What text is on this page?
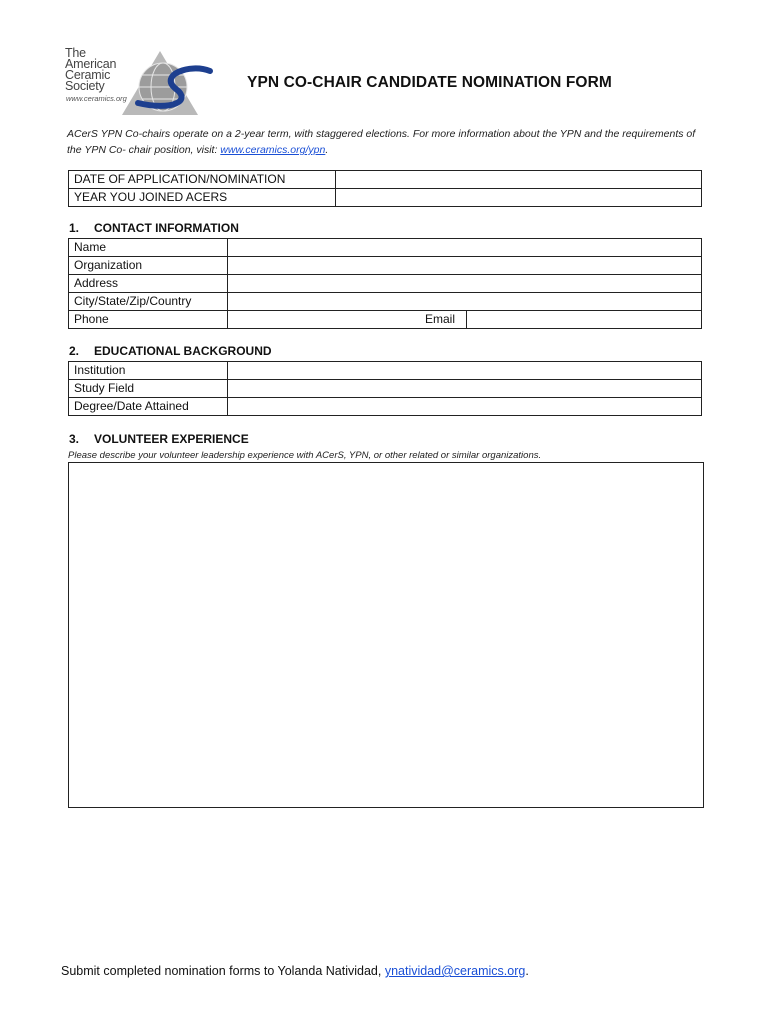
The
American
Ceramic
Society
www.ceramics.org
YPN CO-CHAIR CANDIDATE NOMINATION FORM
ACerS YPN Co-chairs operate on a 2-year term, with staggered elections. For more information about the YPN and the requirements of the YPN Co- chair position, visit: www.ceramics.org/ypn.
DATE OF APPLICATION/NOMINATION	
YEAR YOU JOINED ACERS	
1. CONTACT INFORMATION
Name			
Organization			
Address			
City/State/Zip/Country			
Phone		Email	
2. EDUCATIONAL BACKGROUND
Institution	
Study Field	
Degree/Date Attained	
3. VOLUNTEER EXPERIENCE
Please describe your volunteer leadership experience with ACerS, YPN, or other related or similar organizations.
Submit completed nomination forms to Yolanda Natividad, ynatividad@ceramics.org.
